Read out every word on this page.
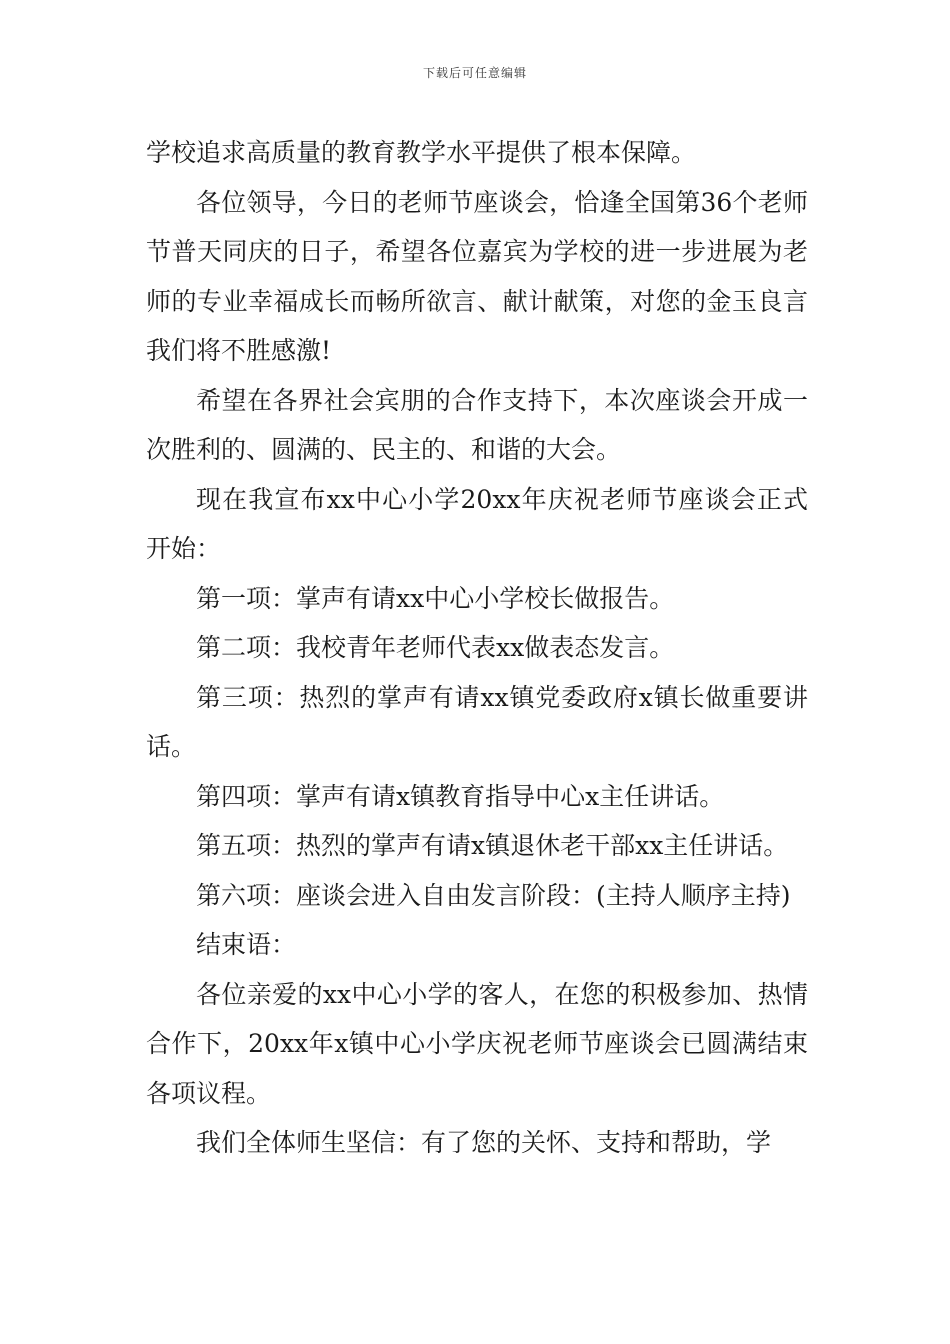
下载后可任意编辑

学校追求高质量的教育教学水平提供了根本保障。

各位领导，今日的老师节座谈会，恰逢全国第36个老师节普天同庆的日子，希望各位嘉宾为学校的进一步进展为老师的专业幸福成长而畅所欲言、献计献策，对您的金玉良言我们将不胜感激!

希望在各界社会宾朋的合作支持下，本次座谈会开成一次胜利的、圆满的、民主的、和谐的大会。

现在我宣布xx中心小学20xx年庆祝老师节座谈会正式开始：

第一项：掌声有请xx中心小学校长做报告。

第二项：我校青年老师代表xx做表态发言。

第三项：热烈的掌声有请xx镇党委政府x镇长做重要讲话。

第四项：掌声有请x镇教育指导中心x主任讲话。

第五项：热烈的掌声有请x镇退休老干部xx主任讲话。

第六项：座谈会进入自由发言阶段：(主持人顺序主持)

结束语：

各位亲爱的xx中心小学的客人，在您的积极参加、热情合作下，20xx年x镇中心小学庆祝老师节座谈会已圆满结束各项议程。

我们全体师生坚信：有了您的关怀、支持和帮助，学
